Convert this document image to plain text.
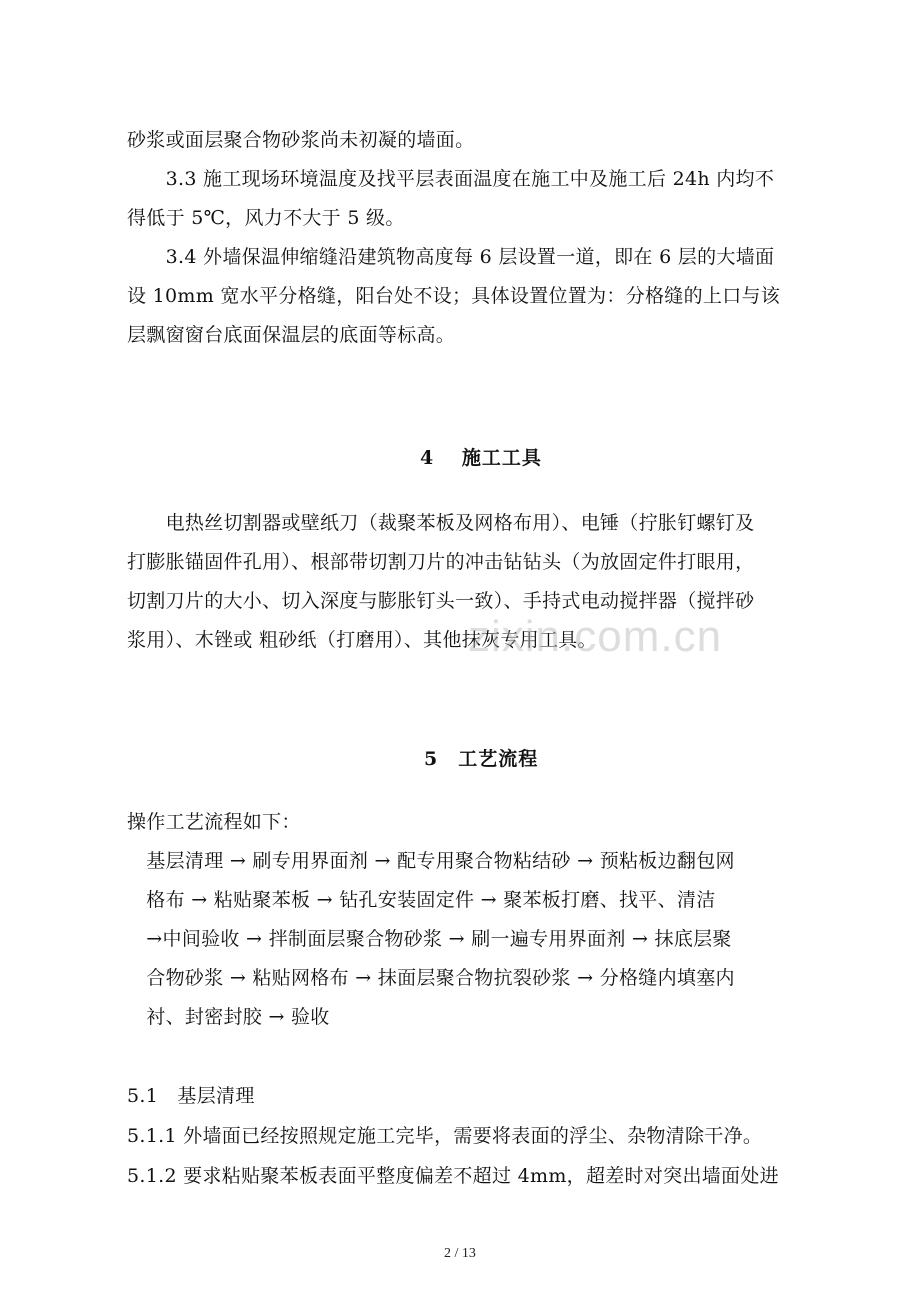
砂浆或面层聚合物砂浆尚未初凝的墙面。
　　3.3 施工现场环境温度及找平层表面温度在施工中及施工后 24h 内均不
得低于 5℃，风力不大于 5 级。
　　3.4 外墙保温伸缩缝沿建筑物高度每 6 层设置一道，即在 6 层的大墙面
设 10mm 宽水平分格缝，阳台处不设；具体设置位置为：分格缝的上口与该
层飘窗窗台底面保温层的底面等标高。
4　 施工工具
　　电热丝切割器或壁纸刀（裁聚苯板及网格布用）、电锤（拧胀钉螺钉及
打膨胀锚固件孔用）、根部带切割刀片的冲击钻钻头（为放固定件打眼用，
切割刀片的大小、切入深度与膨胀钉头一致）、手持式电动搅拌器（搅拌砂
浆用）、木锉或 粗砂纸（打磨用）、其他抹灰专用工具。
zixin.com.cn
5　工艺流程
操作工艺流程如下：
　基层清理 → 刷专用界面剂 → 配专用聚合物粘结砂 → 预粘板边翻包网
　格布 → 粘贴聚苯板 → 钻孔安装固定件 → 聚苯板打磨、找平、清洁
　→中间验收 → 拌制面层聚合物砂浆 → 刷一遍专用界面剂 → 抹底层聚
　合物砂浆 → 粘贴网格布 → 抹面层聚合物抗裂砂浆 → 分格缝内填塞内
　衬、封密封胶 → 验收
5.1　基层清理
5.1.1 外墙面已经按照规定施工完毕，需要将表面的浮尘、杂物清除干净。
5.1.2 要求粘贴聚苯板表面平整度偏差不超过 4mm，超差时对突出墙面处进
2 / 13
